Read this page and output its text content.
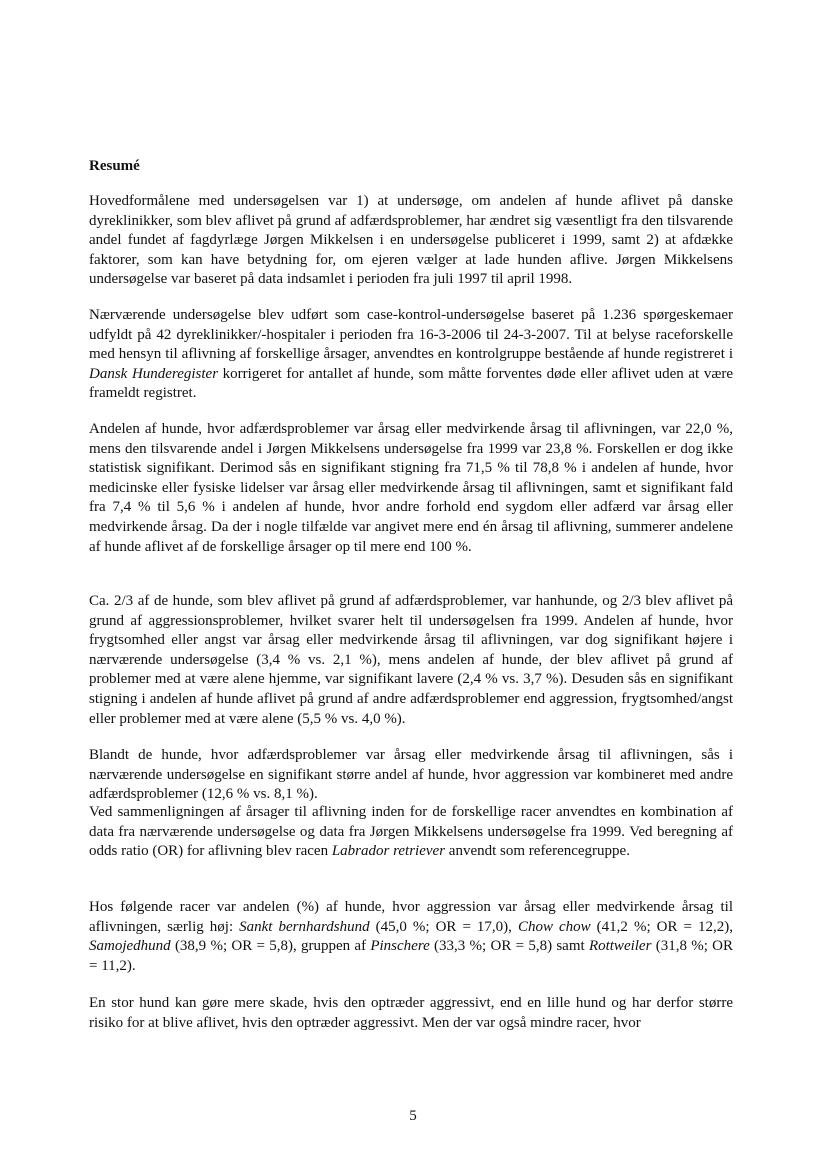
Resumé

Hovedformålene med undersøgelsen var 1) at undersøge, om andelen af hunde aflivet på danske dyreklinikker, som blev aflivet på grund af adfærdsproblemer, har ændret sig væsentligt fra den tilsvarende andel fundet af fagdyrlæge Jørgen Mikkelsen i en undersøgelse publiceret i 1999, samt 2) at afdække faktorer, som kan have betydning for, om ejeren vælger at lade hunden aflive. Jørgen Mikkelsens undersøgelse var baseret på data indsamlet i perioden fra juli 1997 til april 1998.

Nærværende undersøgelse blev udført som case-kontrol-undersøgelse baseret på 1.236 spørgeskemaer udfyldt på 42 dyreklinikker/-hospitaler i perioden fra 16-3-2006 til 24-3-2007. Til at belyse raceforskelle med hensyn til aflivning af forskellige årsager, anvendtes en kontrolgruppe bestående af hunde registreret i Dansk Hunderegister korrigeret for antallet af hunde, som måtte forventes døde eller aflivet uden at være frameldt registret.

Andelen af hunde, hvor adfærdsproblemer var årsag eller medvirkende årsag til aflivningen, var 22,0 %, mens den tilsvarende andel i Jørgen Mikkelsens undersøgelse fra 1999 var 23,8 %. Forskellen er dog ikke statistisk signifikant. Derimod sås en signifikant stigning fra 71,5 % til 78,8 % i andelen af hunde, hvor medicinske eller fysiske lidelser var årsag eller medvirkende årsag til aflivningen, samt et signifikant fald fra 7,4 % til 5,6 % i andelen af hunde, hvor andre forhold end sygdom eller adfærd var årsag eller medvirkende årsag. Da der i nogle tilfælde var angivet mere end én årsag til aflivning, summerer andelene af hunde aflivet af de forskellige årsager op til mere end 100 %.

Ca. 2/3 af de hunde, som blev aflivet på grund af adfærdsproblemer, var hanhunde, og 2/3 blev aflivet på grund af aggressionsproblemer, hvilket svarer helt til undersøgelsen fra 1999. Andelen af hunde, hvor frygtsomhed eller angst var årsag eller medvirkende årsag til aflivningen, var dog signifikant højere i nærværende undersøgelse (3,4 % vs. 2,1 %), mens andelen af hunde, der blev aflivet på grund af problemer med at være alene hjemme, var signifikant lavere (2,4 % vs. 3,7 %). Desuden sås en signifikant stigning i andelen af hunde aflivet på grund af andre adfærdsproblemer end aggression, frygtsomhed/angst eller problemer med at være alene (5,5 % vs. 4,0 %).

Blandt de hunde, hvor adfærdsproblemer var årsag eller medvirkende årsag til aflivningen, sås i nærværende undersøgelse en signifikant større andel af hunde, hvor aggression var kombineret med andre adfærdsproblemer (12,6 % vs. 8,1 %).

Ved sammenligningen af årsager til aflivning inden for de forskellige racer anvendtes en kombination af data fra nærværende undersøgelse og data fra Jørgen Mikkelsens undersøgelse fra 1999. Ved beregning af odds ratio (OR) for aflivning blev racen Labrador retriever anvendt som referencegruppe.

Hos følgende racer var andelen (%) af hunde, hvor aggression var årsag eller medvirkende årsag til aflivningen, særlig høj: Sankt bernhardshund (45,0 %; OR = 17,0), Chow chow (41,2 %; OR = 12,2), Samojedhund (38,9 %; OR = 5,8), gruppen af Pinschere (33,3 %; OR = 5,8) samt Rottweiler (31,8 %; OR = 11,2).

En stor hund kan gøre mere skade, hvis den optræder aggressivt, end en lille hund og har derfor større risiko for at blive aflivet, hvis den optræder aggressivt. Men der var også mindre racer, hvor

5
